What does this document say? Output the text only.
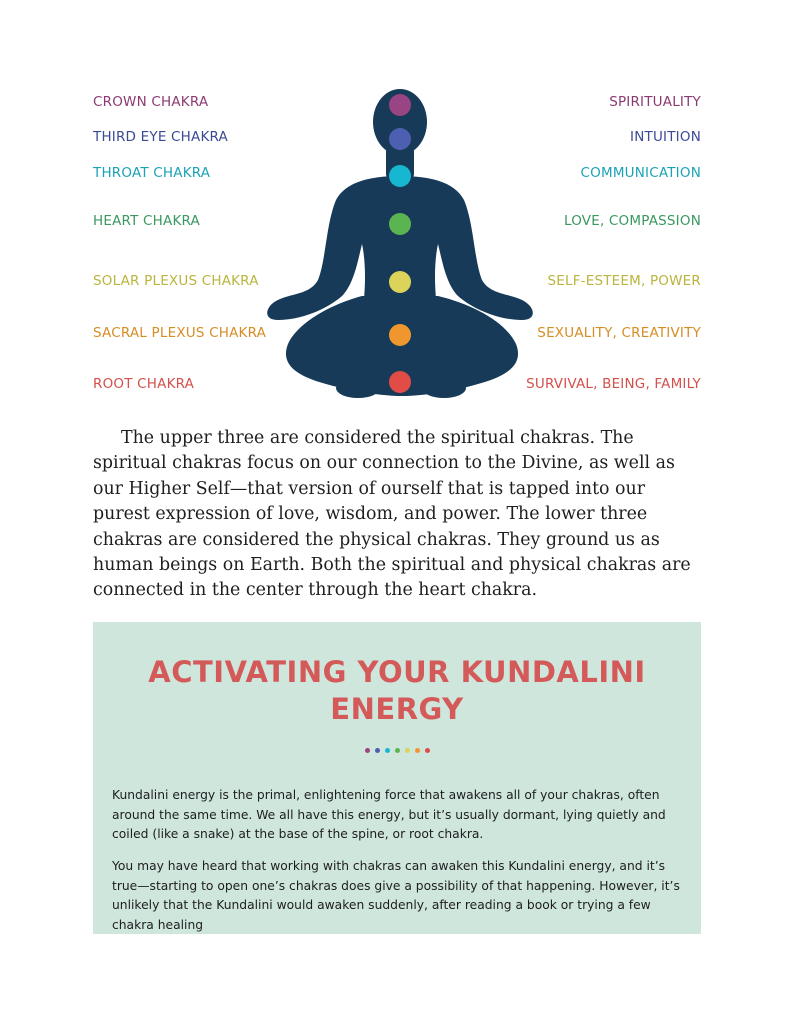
CROWN CHAKRA
THIRD EYE CHAKRA
THROAT CHAKRA
HEART CHAKRA
SOLAR PLEXUS CHAKRA
SACRAL PLEXUS CHAKRA
ROOT CHAKRA
SPIRITUALITY
INTUITION
COMMUNICATION
LOVE, COMPASSION
SELF-ESTEEM, POWER
SEXUALITY, CREATIVITY
SURVIVAL, BEING, FAMILY

The upper three are considered the spiritual chakras. The spiritual chakras focus on our connection to the Divine, as well as our Higher Self—that version of ourself that is tapped into our purest expression of love, wisdom, and power. The lower three chakras are considered the physical chakras. They ground us as human beings on Earth. Both the spiritual and physical chakras are connected in the center through the heart chakra.

ACTIVATING YOUR KUNDALINI
ENERGY

Kundalini energy is the primal, enlightening force that awakens all of your chakras, often around the same time. We all have this energy, but it’s usually dormant, lying quietly and coiled (like a snake) at the base of the spine, or root chakra.

You may have heard that working with chakras can awaken this Kundalini energy, and it’s true—starting to open one’s chakras does give a possibility of that happening. However, it’s unlikely that the Kundalini would awaken suddenly, after reading a book or trying a few chakra healing
